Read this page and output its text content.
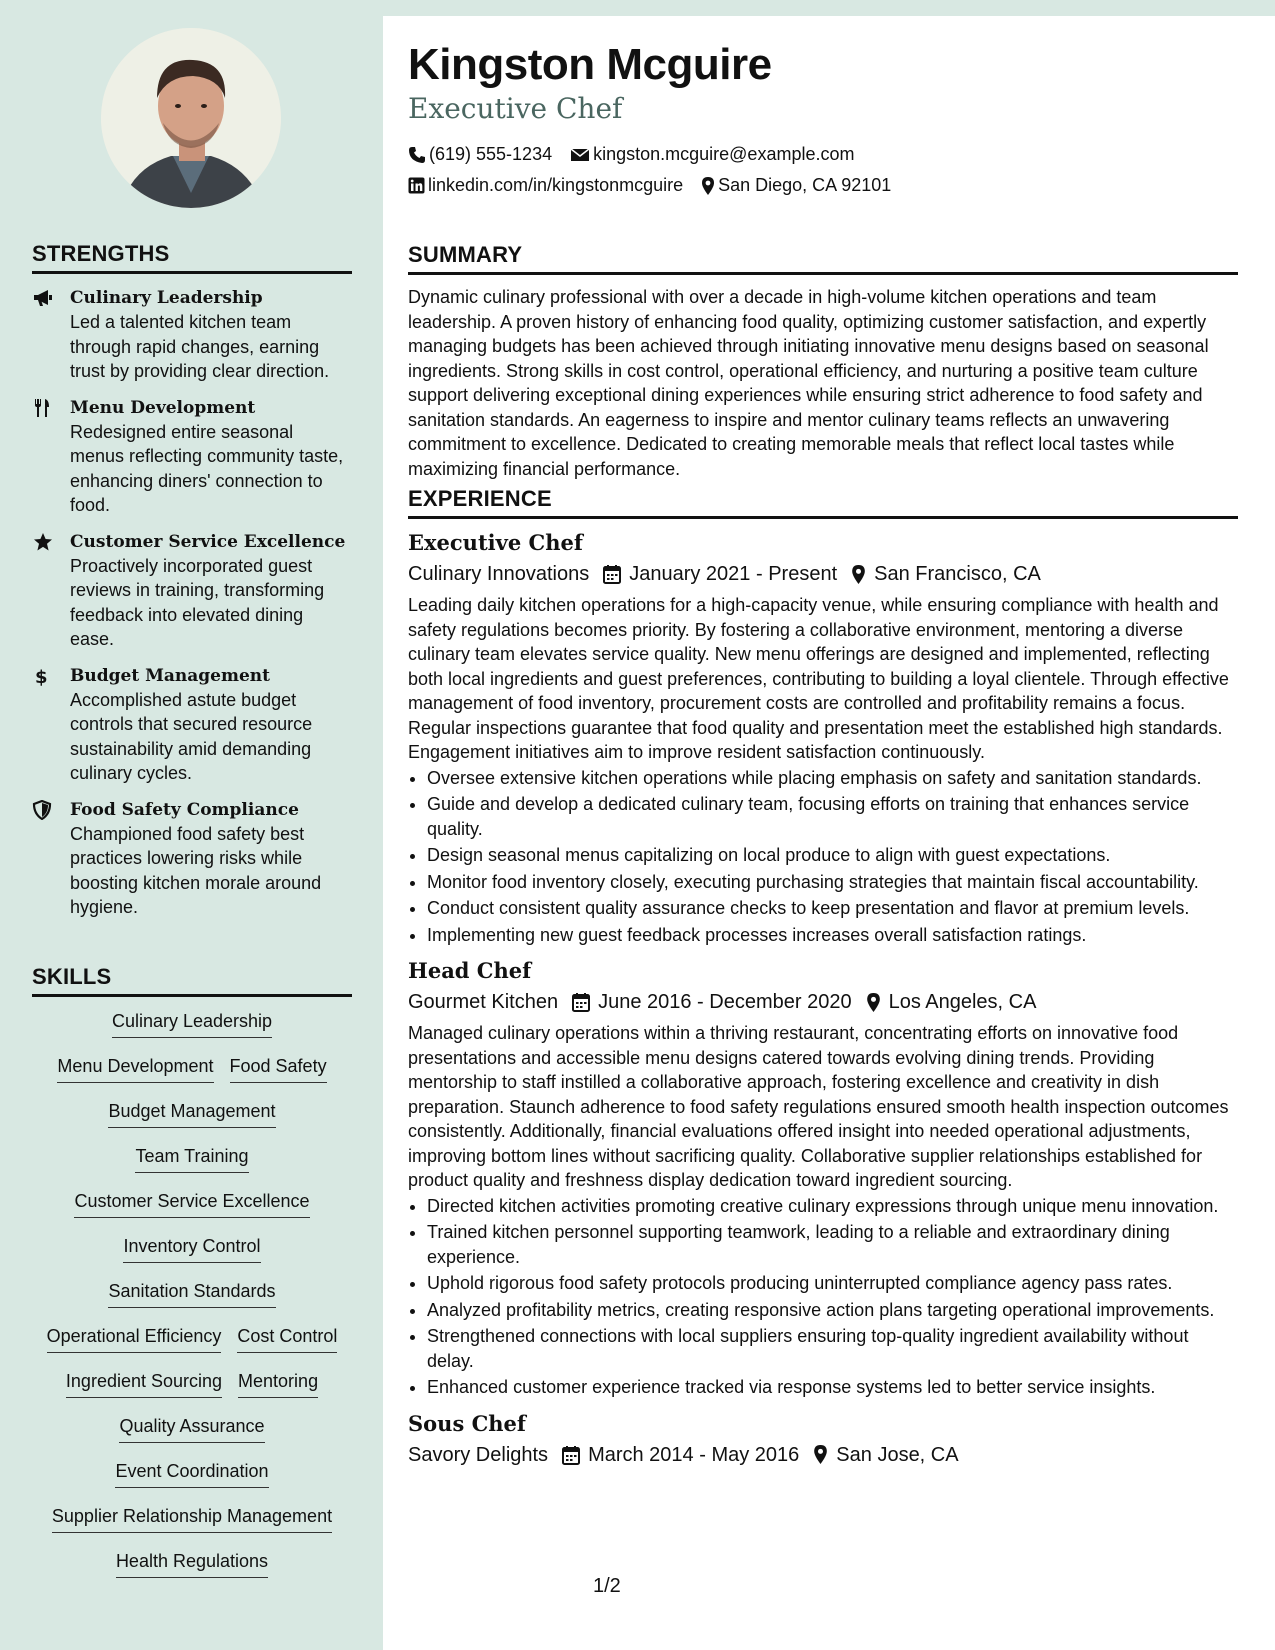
STRENGTHS
Culinary Leadership
Led a talented kitchen team through rapid changes, earning trust by providing clear direction.
Menu Development
Redesigned entire seasonal menus reflecting community taste, enhancing diners' connection to food.
Customer Service Excellence
Proactively incorporated guest reviews in training, transforming feedback into elevated dining ease.
$ Budget Management
Accomplished astute budget controls that secured resource sustainability amid demanding culinary cycles.
Food Safety Compliance
Championed food safety best practices lowering risks while boosting kitchen morale around hygiene.
SKILLS
Culinary Leadership
Menu Development Food Safety
Budget Management
Team Training
Customer Service Excellence
Inventory Control
Sanitation Standards
Operational Efficiency Cost Control
Ingredient Sourcing Mentoring
Quality Assurance
Event Coordination
Supplier Relationship Management
Health Regulations
Kingston Mcguire
Executive Chef
(619) 555-1234 kingston.mcguire@example.com
linkedin.com/in/kingstonmcguire San Diego, CA 92101
SUMMARY
Dynamic culinary professional with over a decade in high-volume kitchen operations and team leadership. A proven history of enhancing food quality, optimizing customer satisfaction, and expertly managing budgets has been achieved through initiating innovative menu designs based on seasonal ingredients. Strong skills in cost control, operational efficiency, and nurturing a positive team culture support delivering exceptional dining experiences while ensuring strict adherence to food safety and sanitation standards. An eagerness to inspire and mentor culinary teams reflects an unwavering commitment to excellence. Dedicated to creating memorable meals that reflect local tastes while maximizing financial performance.
EXPERIENCE
Executive Chef
Culinary Innovations January 2021 - Present San Francisco, CA
Leading daily kitchen operations for a high-capacity venue, while ensuring compliance with health and safety regulations becomes priority. By fostering a collaborative environment, mentoring a diverse culinary team elevates service quality. New menu offerings are designed and implemented, reflecting both local ingredients and guest preferences, contributing to building a loyal clientele. Through effective management of food inventory, procurement costs are controlled and profitability remains a focus. Regular inspections guarantee that food quality and presentation meet the established high standards. Engagement initiatives aim to improve resident satisfaction continuously.
• Oversee extensive kitchen operations while placing emphasis on safety and sanitation standards.
• Guide and develop a dedicated culinary team, focusing efforts on training that enhances service quality.
• Design seasonal menus capitalizing on local produce to align with guest expectations.
• Monitor food inventory closely, executing purchasing strategies that maintain fiscal accountability.
• Conduct consistent quality assurance checks to keep presentation and flavor at premium levels.
• Implementing new guest feedback processes increases overall satisfaction ratings.
Head Chef
Gourmet Kitchen June 2016 - December 2020 Los Angeles, CA
Managed culinary operations within a thriving restaurant, concentrating efforts on innovative food presentations and accessible menu designs catered towards evolving dining trends. Providing mentorship to staff instilled a collaborative approach, fostering excellence and creativity in dish preparation. Staunch adherence to food safety regulations ensured smooth health inspection outcomes consistently. Additionally, financial evaluations offered insight into needed operational adjustments, improving bottom lines without sacrificing quality. Collaborative supplier relationships established for product quality and freshness display dedication toward ingredient sourcing.
• Directed kitchen activities promoting creative culinary expressions through unique menu innovation.
• Trained kitchen personnel supporting teamwork, leading to a reliable and extraordinary dining experience.
• Uphold rigorous food safety protocols producing uninterrupted compliance agency pass rates.
• Analyzed profitability metrics, creating responsive action plans targeting operational improvements.
• Strengthened connections with local suppliers ensuring top-quality ingredient availability without delay.
• Enhanced customer experience tracked via response systems led to better service insights.
Sous Chef
Savory Delights March 2014 - May 2016 San Jose, CA
1/2
